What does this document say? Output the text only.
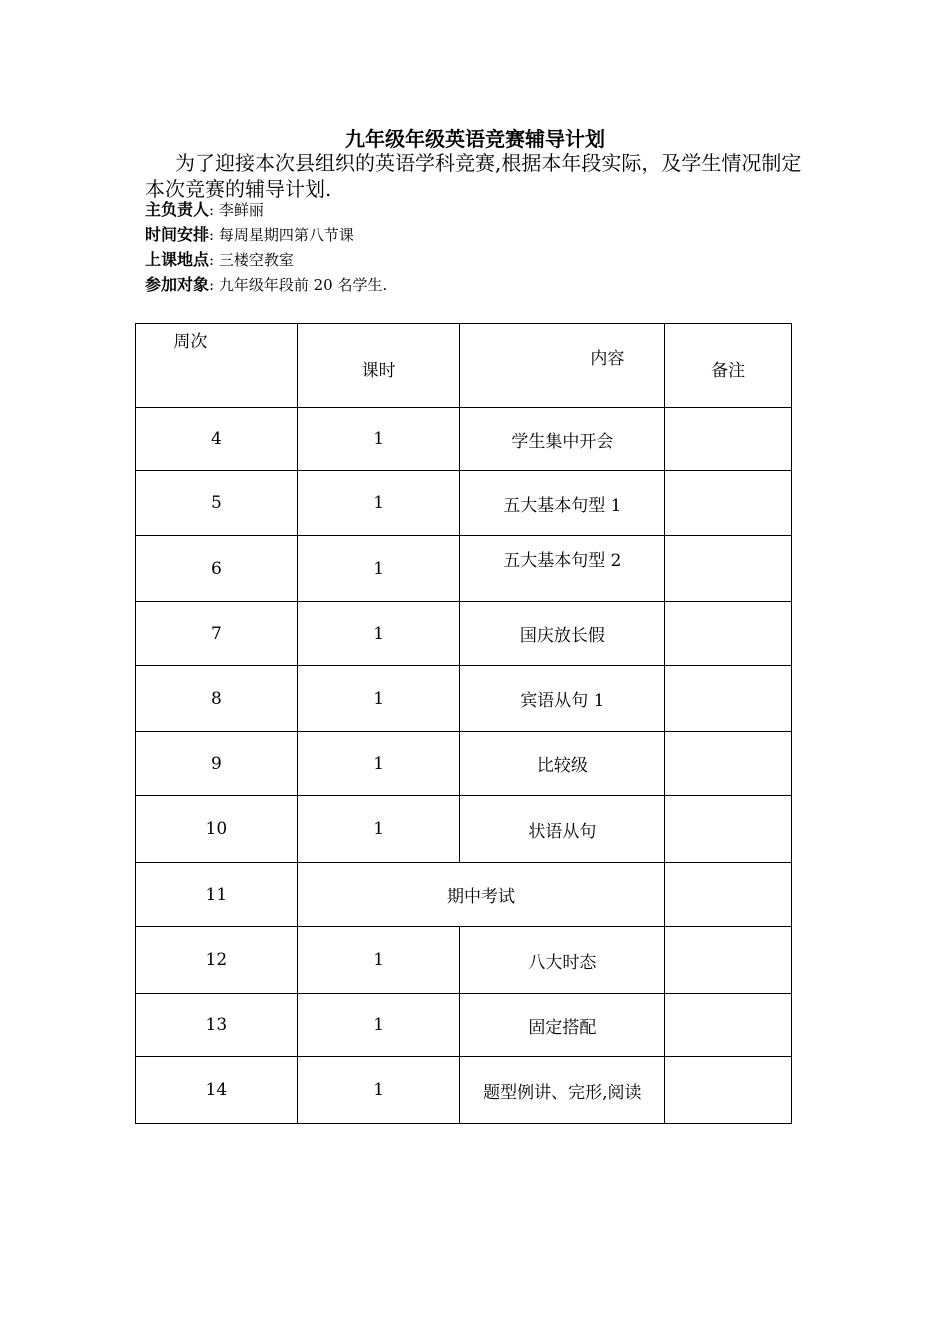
九年级年级英语竞赛辅导计划
为了迎接本次县组织的英语学科竞赛,根据本年段实际，及学生情况制定本次竞赛的辅导计划.
主负责人: 李鲜丽
时间安排: 每周星期四第八节课
上课地点: 三楼空教室
参加对象: 九年级年段前 20 名学生.
周次	课时	内容	备注

4	1	学生集中开会	
5	1	五大基本句型 1	
6	1	五大基本句型 2	
7	1	国庆放长假	
8	1	宾语从句 1	
9	1	比较级	
10	1	状语从句	
11	期中考试		
12	1	八大时态	
13	1	固定搭配	
14	1	题型例讲、完形,阅读	
